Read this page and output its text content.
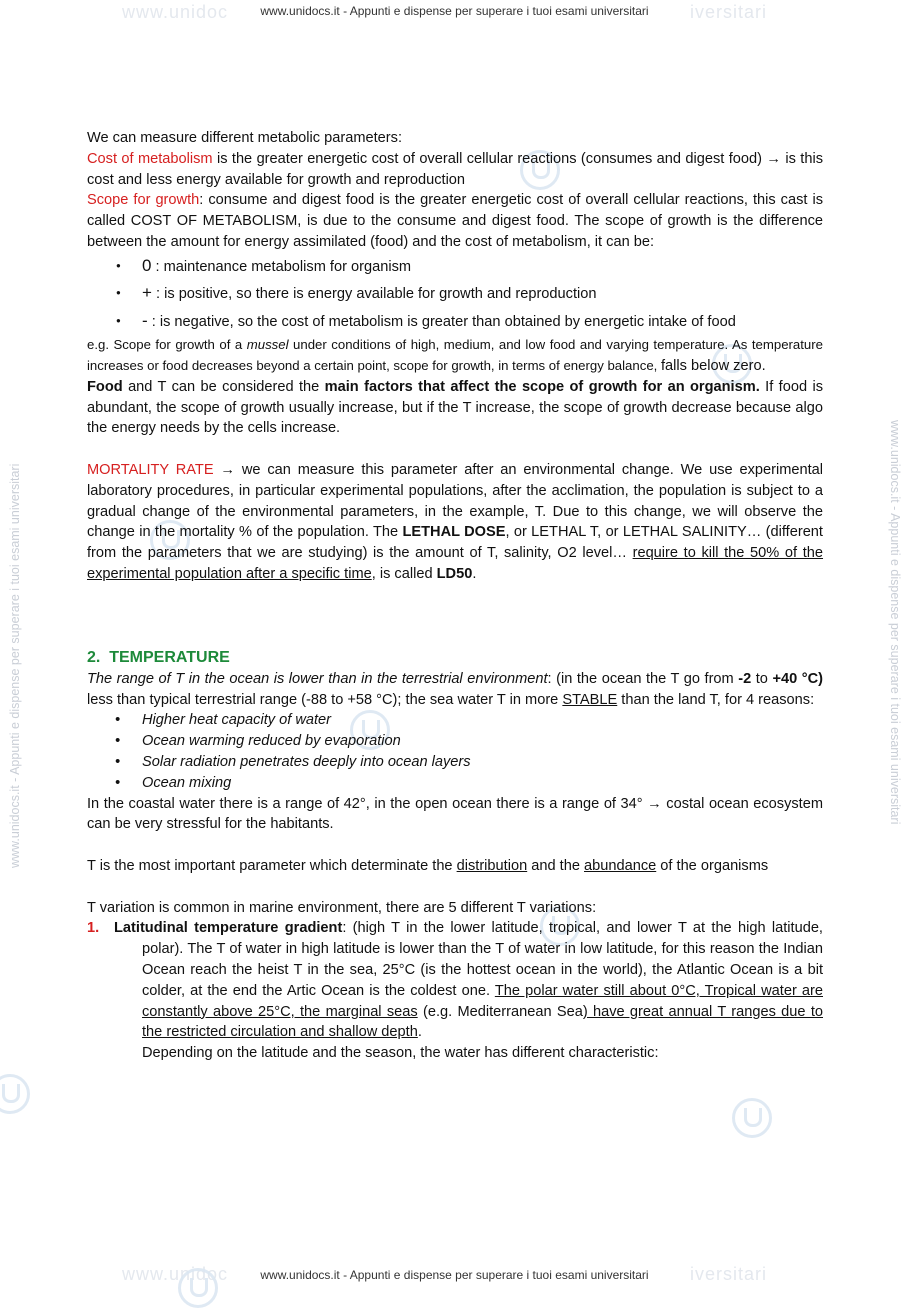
www.unidoc	iversitari
www.unidocs.it - Appunti e dispense per superare i tuoi esami universitari
www.unidoc	iversitari
www.unidocs.it - Appunti e dispense per superare i tuoi esami universitari
www.unidocs.it - Appunti e dispense per superare i tuoi esami universitari	www.unidocs.it - Appunti e dispense per superare i tuoi esami universitari

We can measure different metabolic parameters:

Cost of metabolism is the greater energetic cost of overall cellular reactions (consumes and digest food) → is this cost and less energy available for growth and reproduction

Scope for growth: consume and digest food is the greater energetic cost of overall cellular reactions, this cast is called COST OF METABOLISM, is due to the consume and digest food. The scope of growth is the difference between the amount for energy assimilated (food) and the cost of metabolism, it can be:

● 0 : maintenance metabolism for organism
● + : is positive, so there is energy available for growth and reproduction
● - : is negative, so the cost of metabolism is greater than obtained by energetic intake of food

e.g. Scope for growth of a mussel under conditions of high, medium, and low food and varying temperature. As temperature increases or food decreases beyond a certain point, scope for growth, in terms of energy balance, falls below zero.

Food and T can be considered the main factors that affect the scope of growth for an organism. If food is abundant, the scope of growth usually increase, but if the T increase, the scope of growth decrease because algo the energy needs by the cells increase.

MORTALITY RATE → we can measure this parameter after an environmental change. We use experimental laboratory procedures, in particular experimental populations, after the acclimation, the population is subject to a gradual change of the environmental parameters, in the example, T. Due to this change, we will observe the change in the mortality % of the population. The LETHAL DOSE, or LETHAL T, or LETHAL SALINITY… (different from the parameters that we are studying) is the amount of T, salinity, O2 level… require to kill the 50% of the experimental population after a specific time, is called LD50.

2. TEMPERATURE

The range of T in the ocean is lower than in the terrestrial environment: (in the ocean the T go from -2 to +40 °C) less than typical terrestrial range (-88 to +58 °C); the sea water T in more STABLE than the land T, for 4 reasons:

• Higher heat capacity of water
• Ocean warming reduced by evaporation
• Solar radiation penetrates deeply into ocean layers
• Ocean mixing

In the coastal water there is a range of 42°, in the open ocean there is a range of 34° → costal ocean ecosystem can be very stressful for the habitants.

T is the most important parameter which determinate the distribution and the abundance of the organisms

T variation is common in marine environment, there are 5 different T variations:

1. Latitudinal temperature gradient: (high T in the lower latitude, tropical, and lower T at the high latitude, polar). The T of water in high latitude is lower than the T of water in low latitude, for this reason the Indian Ocean reach the heist T in the sea, 25°C (is the hottest ocean in the world), the Atlantic Ocean is a bit colder, at the end the Artic Ocean is the coldest one. The polar water still about 0°C, Tropical water are constantly above 25°C, the marginal seas (e.g. Mediterranean Sea) have great annual T ranges due to the restricted circulation and shallow depth.

Depending on the latitude and the season, the water has different characteristic:
